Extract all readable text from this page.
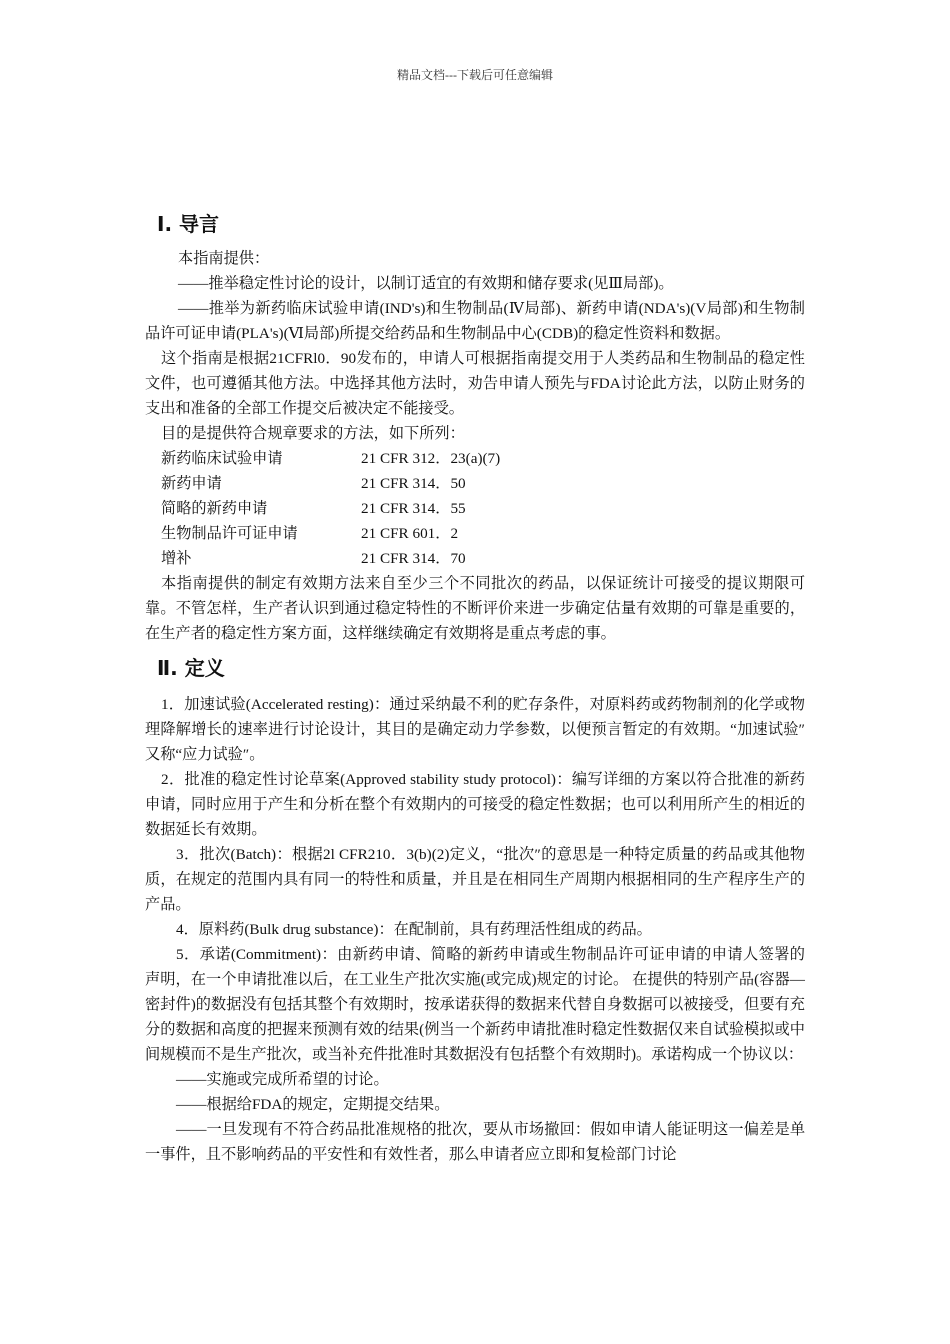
精品文档---下载后可任意编辑
Ⅰ. 导言

本指南提供：

——推举稳定性讨论的设计，以制订适宜的有效期和储存要求(见Ⅲ局部)。

——推举为新药临床试验申请(IND's)和生物制品(Ⅳ局部)、新药申请(NDA's)(V局部)和生物制品许可证申请(PLA's)(Ⅵ局部)所提交给药品和生物制品中心(CDB)的稳定性资料和数据。

这个指南是根据21CFRl0．90发布的，申请人可根据指南提交用于人类药品和生物制品的稳定性文件，也可遵循其他方法。中选择其他方法时，劝告申请人预先与FDA讨论此方法，以防止财务的支出和准备的全部工作提交后被决定不能接受。

目的是提供符合规章要求的方法，如下所列：

新药临床试验申请	21 CFR 312．23(a)(7)
新药申请	21 CFR 314．50
简略的新药申请	21 CFR 314．55
生物制品许可证申请	21 CFR 601．2
增补	21 CFR 314．70

本指南提供的制定有效期方法来自至少三个不同批次的药品，以保证统计可接受的提议期限可靠。不管怎样，生产者认识到通过稳定特性的不断评价来进一步确定估量有效期的可靠是重要的，在生产者的稳定性方案方面，这样继续确定有效期将是重点考虑的事。

Ⅱ. 定义

1．加速试验(Accelerated resting)：通过采纳最不利的贮存条件，对原料药或药物制剂的化学或物理降解增长的速率进行讨论设计，其目的是确定动力学参数，以便预言暂定的有效期。“加速试验″又称“应力试验″。

2．批准的稳定性讨论草案(Approved stability study protocol)：编写详细的方案以符合批准的新药申请，同时应用于产生和分析在整个有效期内的可接受的稳定性数据；也可以利用所产生的相近的数据延长有效期。

3．批次(Batch)：根据2l CFR210．3(b)(2)定义，“批次″的意思是一种特定质量的药品或其他物质，在规定的范围内具有同一的特性和质量，并且是在相同生产周期内根据相同的生产程序生产的产品。

4．原料药(Bulk drug substance)：在配制前，具有药理活性组成的药品。

5．承诺(Commitment)：由新药申请、简略的新药申请或生物制品许可证申请的申请人签署的声明，在一个申请批准以后，在工业生产批次实施(或完成)规定的讨论。 在提供的特别产品(容器—密封件)的数据没有包括其整个有效期时，按承诺获得的数据来代替自身数据可以被接受，但要有充分的数据和高度的把握来预测有效的结果(例当一个新药申请批准时稳定性数据仅来自试验模拟或中间规模而不是生产批次，或当补充件批准时其数据没有包括整个有效期时)。承诺构成一个协议以：

——实施或完成所希望的讨论。

——根据给FDA的规定，定期提交结果。

——一旦发现有不符合药品批准规格的批次，要从市场撤回：假如申请人能证明这一偏差是单一事件，且不影响药品的平安性和有效性者，那么申请者应立即和复检部门讨论
